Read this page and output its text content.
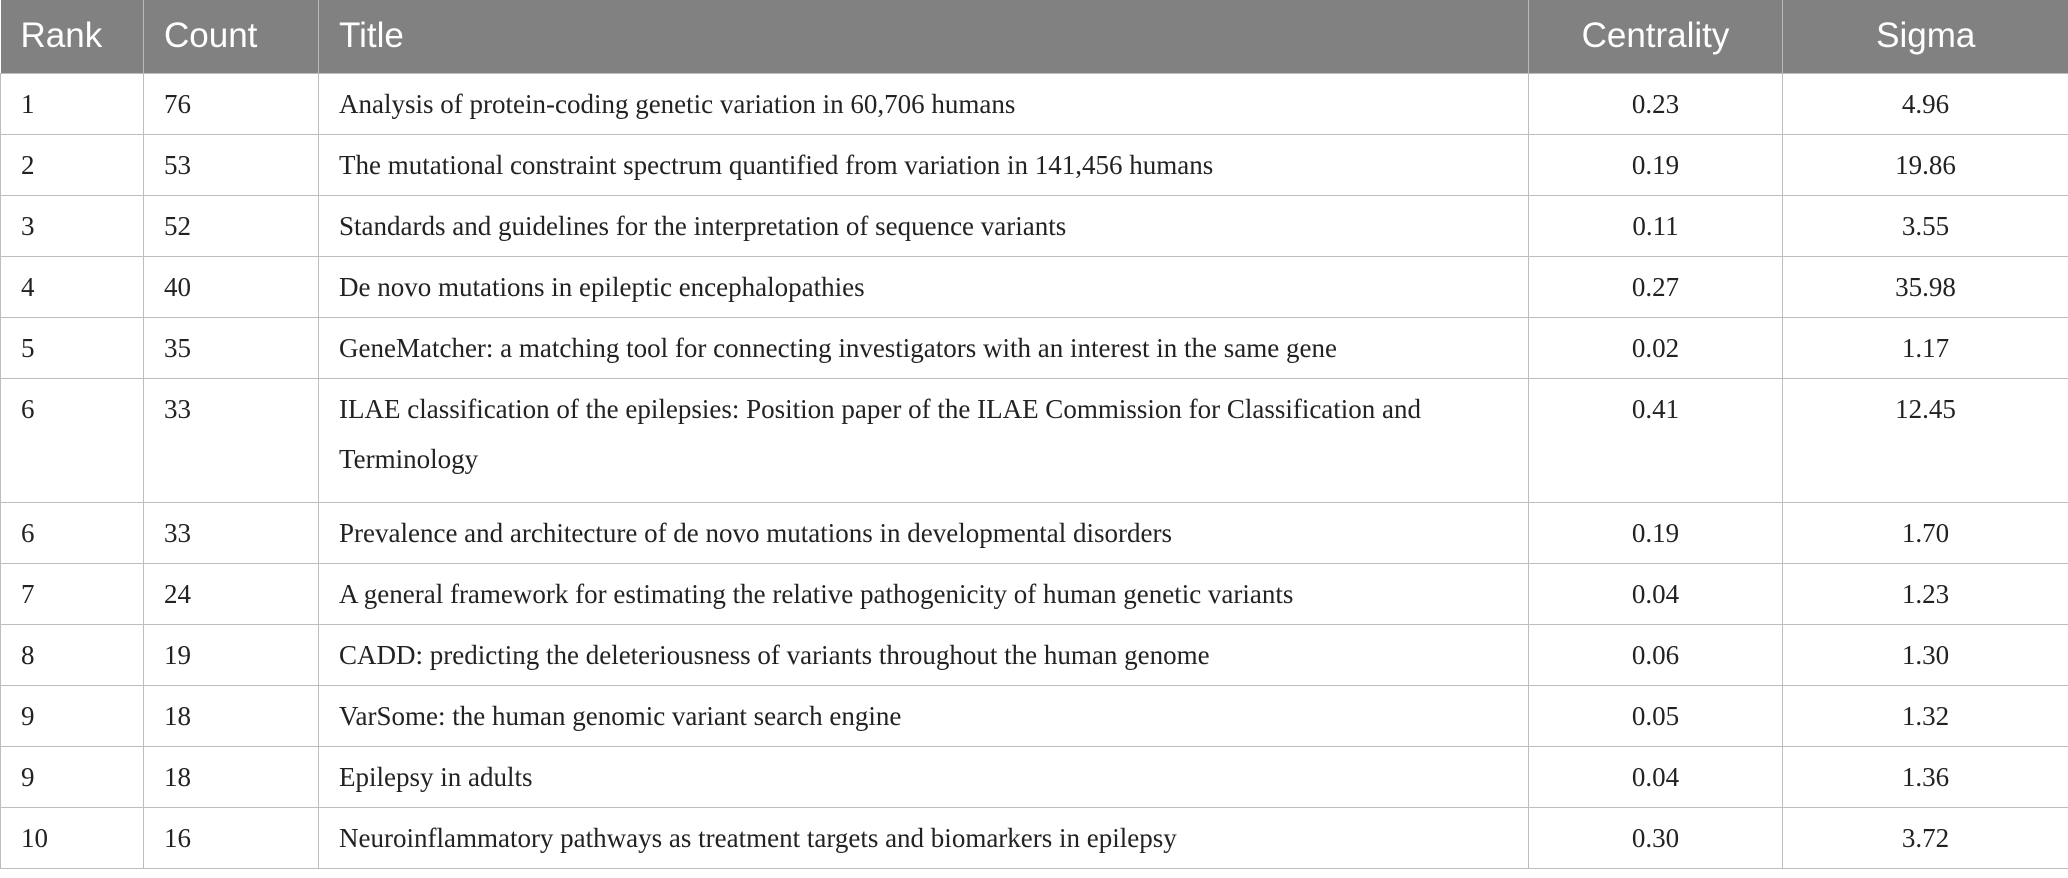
Rank	Count	Title	Centrality	Sigma

1	76	Analysis of protein-coding genetic variation in 60,706 humans	0.23	4.96

2	53	The mutational constraint spectrum quantified from variation in 141,456 humans	0.19	19.86

3	52	Standards and guidelines for the interpretation of sequence variants	0.11	3.55

4	40	De novo mutations in epileptic encephalopathies	0.27	35.98

5	35	GeneMatcher: a matching tool for connecting investigators with an interest in the same gene	0.02	1.17

6	33	ILAE classification of the epilepsies: Position paper of the ILAE Commission for Classification and Terminology	0.41	12.45

6	33	Prevalence and architecture of de novo mutations in developmental disorders	0.19	1.70

7	24	A general framework for estimating the relative pathogenicity of human genetic variants	0.04	1.23

8	19	CADD: predicting the deleteriousness of variants throughout the human genome	0.06	1.30

9	18	VarSome: the human genomic variant search engine	0.05	1.32

9	18	Epilepsy in adults	0.04	1.36

10	16	Neuroinflammatory pathways as treatment targets and biomarkers in epilepsy	0.30	3.72
